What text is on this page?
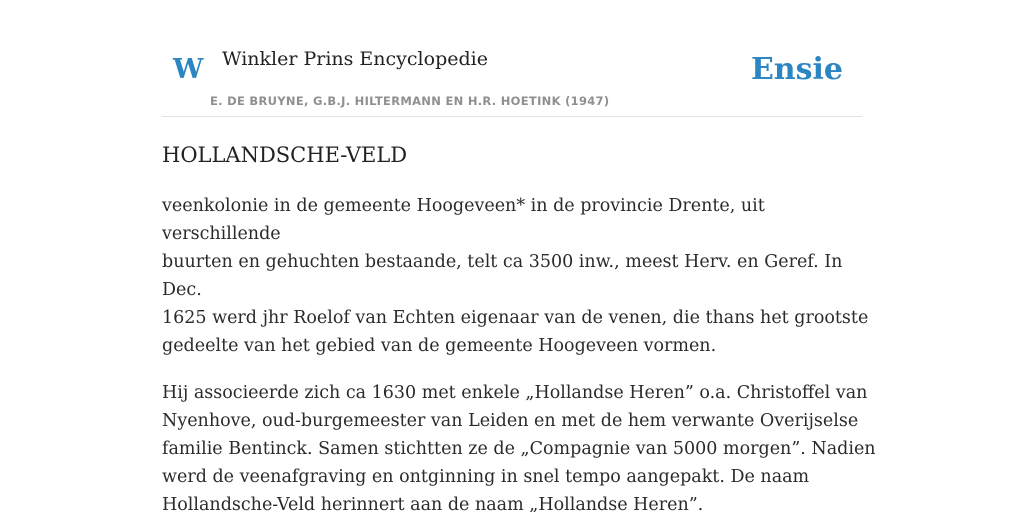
W Winkler Prins Encyclopedie
E. DE BRUYNE, G.B.J. HILTERMANN EN H.R. HOETINK (1947)
Ensie
HOLLANDSCHE-VELD

veenkolonie in de gemeente Hoogeveen* in de provincie Drente, uit verschillende
buurten en gehuchten bestaande, telt ca 3500 inw., meest Herv. en Geref. In Dec.
1625 werd jhr Roelof van Echten eigenaar van de venen, die thans het grootste
gedeelte van het gebied van de gemeente Hoogeveen vormen.

Hij associeerde zich ca 1630 met enkele „Hollandse Heren” o.a. Christoffel van
Nyenhove, oud-burgemeester van Leiden en met de hem verwante Overijselse
familie Bentinck. Samen stichtten ze de „Compagnie van 5000 morgen”. Nadien
werd de veenafgraving en ontginning in snel tempo aangepakt. De naam
Hollandsche-Veld herinnert aan de naam „Hollandse Heren”.
